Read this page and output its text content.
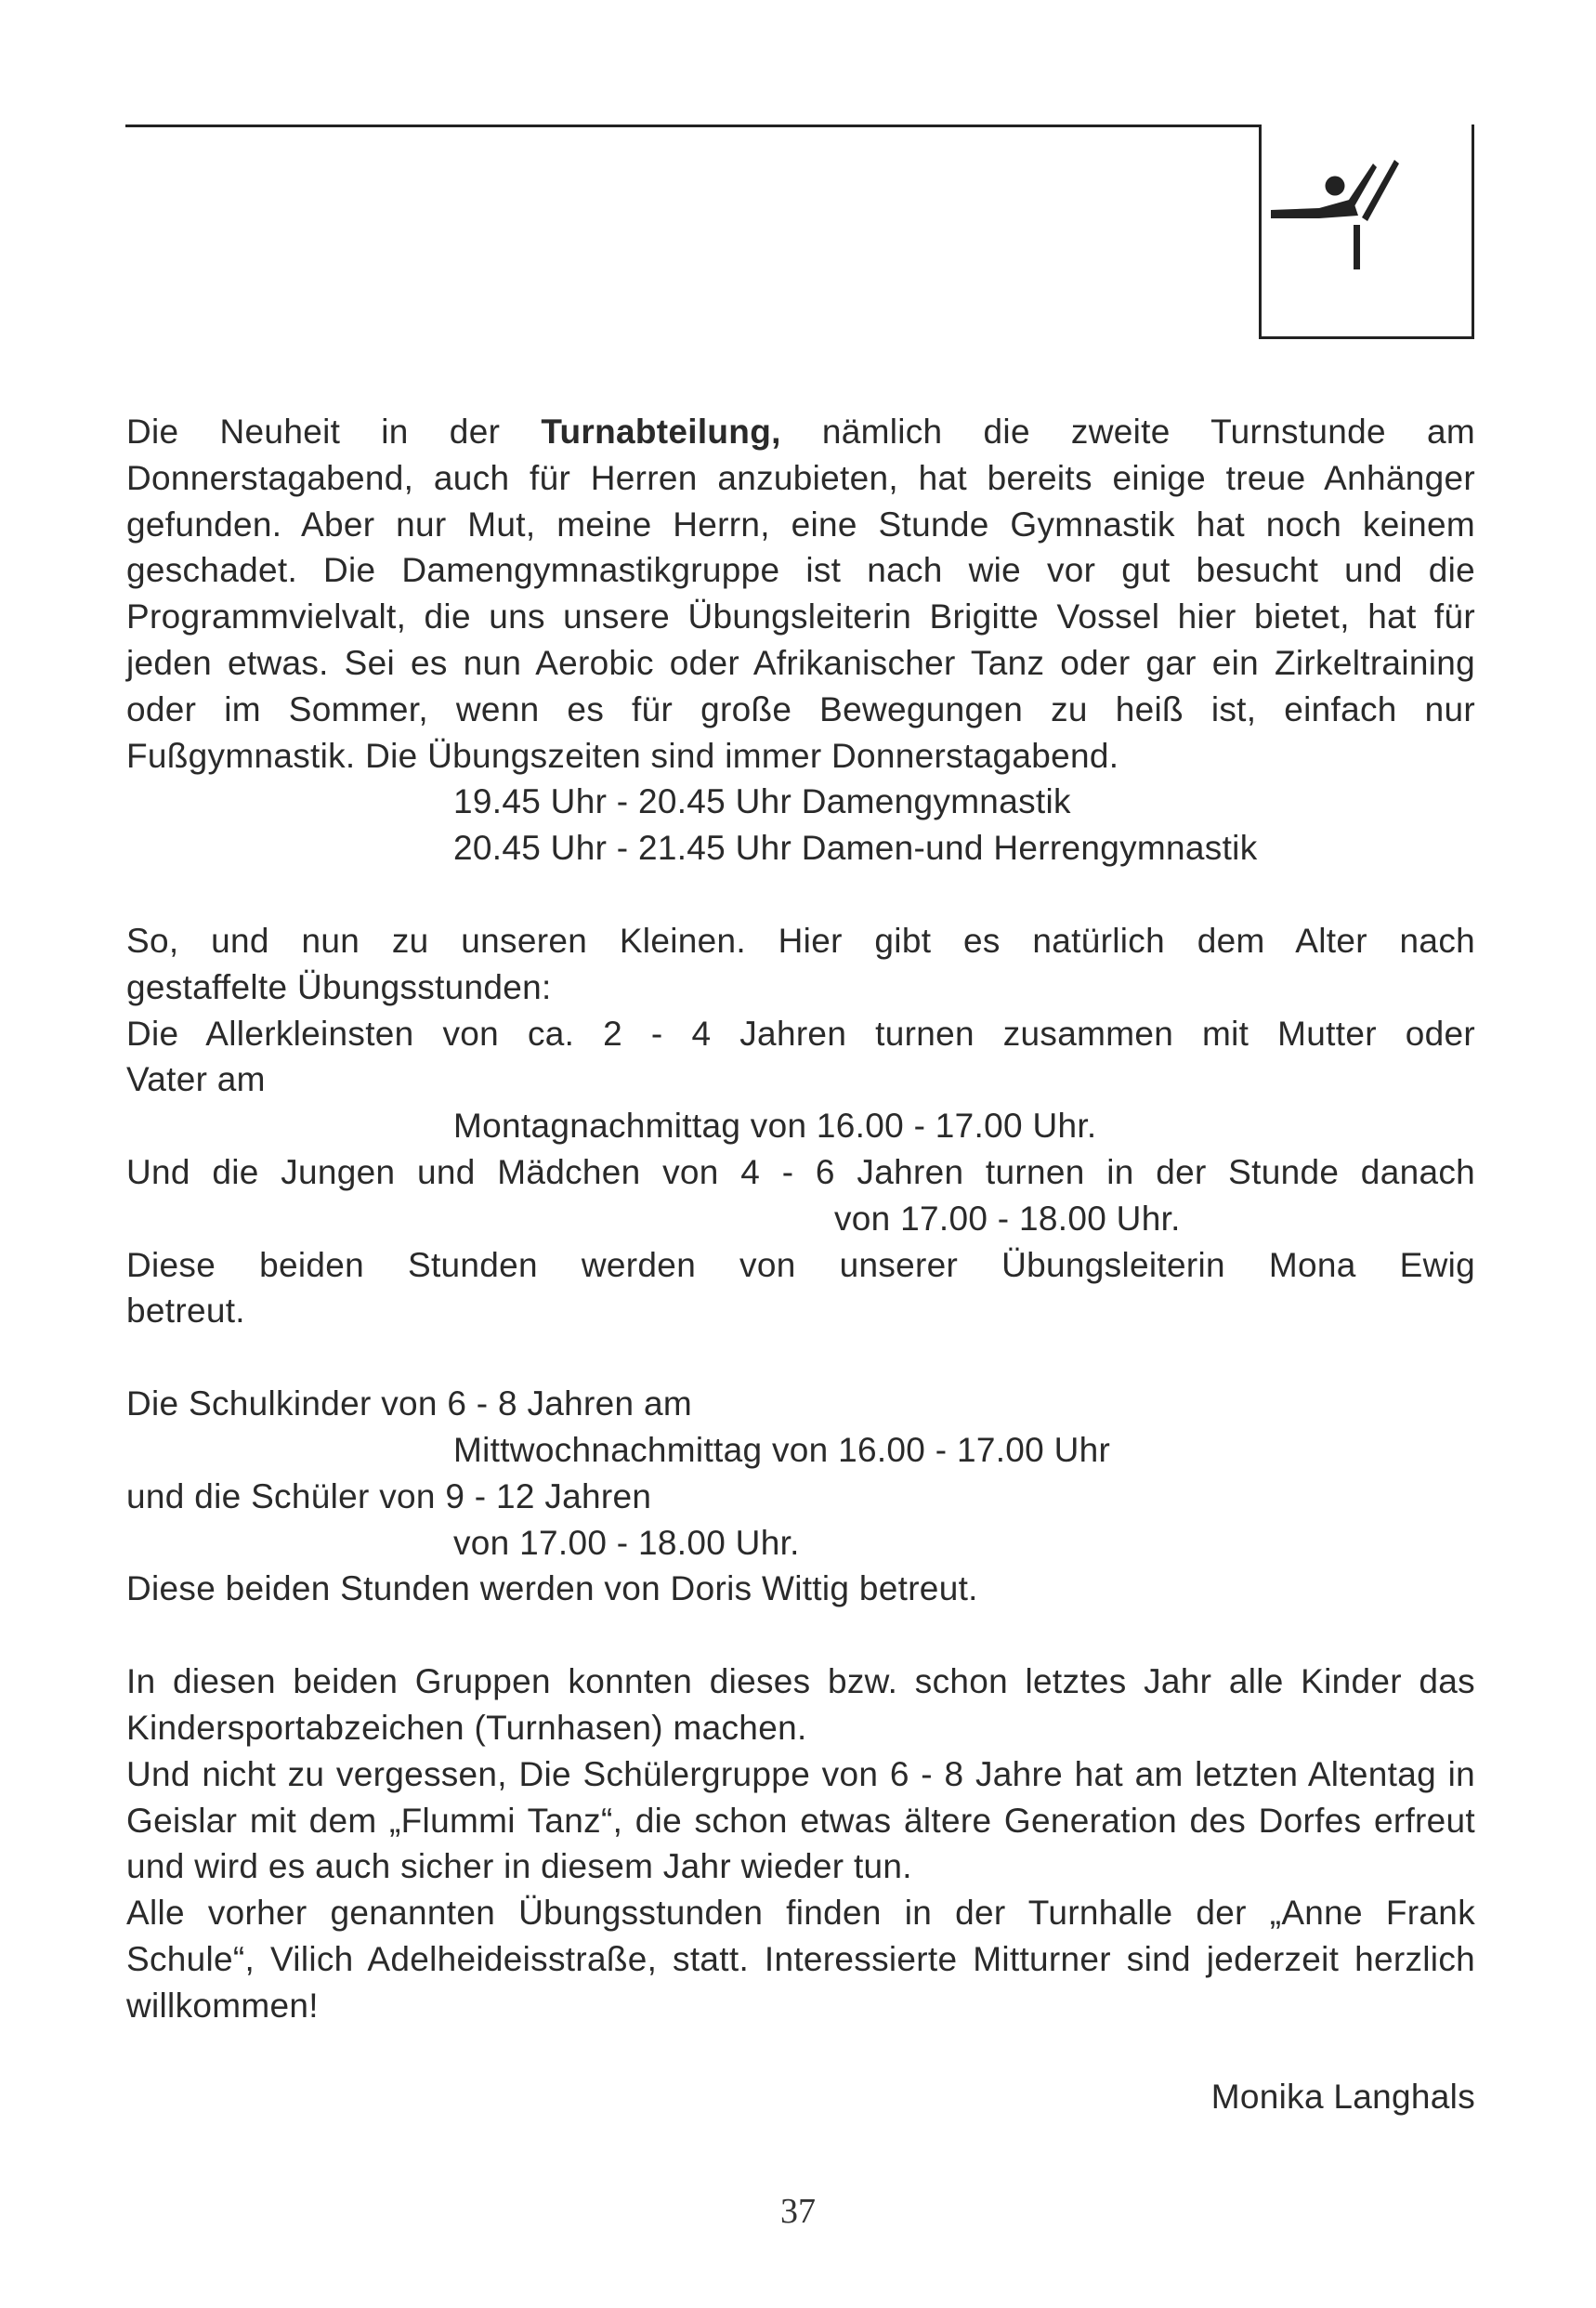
Die Neuheit in der Turnabteilung, nämlich die zweite Turnstunde am Donnerstagabend, auch für Herren anzubieten, hat bereits einige treue Anhänger gefunden. Aber nur Mut, meine Herrn, eine Stunde Gymnastik hat noch keinem geschadet. Die Damengymnastikgruppe ist nach wie vor gut besucht und die Programmvielvalt, die uns unsere Übungsleiterin Brigitte Vossel hier bietet, hat für jeden etwas. Sei es nun Aerobic oder Afrikanischer Tanz oder gar ein Zirkeltraining oder im Sommer, wenn es für große Bewegungen zu heiß ist, einfach nur Fußgymnastik. Die Übungszeiten sind immer Donnerstagabend.

19.45 Uhr - 20.45 Uhr Damengymnastik
20.45 Uhr - 21.45 Uhr Damen-und Herrengymnastik

So, und nun zu unseren Kleinen. Hier gibt es natürlich dem Alter nach
gestaffelte Übungsstunden:
Die Allerkleinsten von ca. 2 - 4 Jahren turnen zusammen mit Mutter oder
Vater am
Montagnachmittag von 16.00 - 17.00 Uhr.
Und die Jungen und Mädchen von 4 - 6 Jahren turnen in der Stunde danach
von 17.00 - 18.00 Uhr.
Diese beiden Stunden werden von unserer Übungsleiterin Mona Ewig
betreut.

Die Schulkinder von 6 - 8 Jahren am
Mittwochnachmittag von 16.00 - 17.00 Uhr
und die Schüler von 9 - 12 Jahren
von 17.00 - 18.00 Uhr.
Diese beiden Stunden werden von Doris Wittig betreut.

In diesen beiden Gruppen konnten dieses bzw. schon letztes Jahr alle Kinder das Kindersportabzeichen (Turnhasen) machen.

Und nicht zu vergessen, Die Schülergruppe von 6 - 8 Jahre hat am letzten Altentag in Geislar mit dem „Flummi Tanz“, die schon etwas ältere Generation des Dorfes erfreut und wird es auch sicher in diesem Jahr wieder tun.

Alle vorher genannten Übungsstunden finden in der Turnhalle der „Anne Frank Schule“, Vilich Adelheideisstraße, statt. Interessierte Mitturner sind jederzeit herzlich willkommen!

Monika Langhals

37
